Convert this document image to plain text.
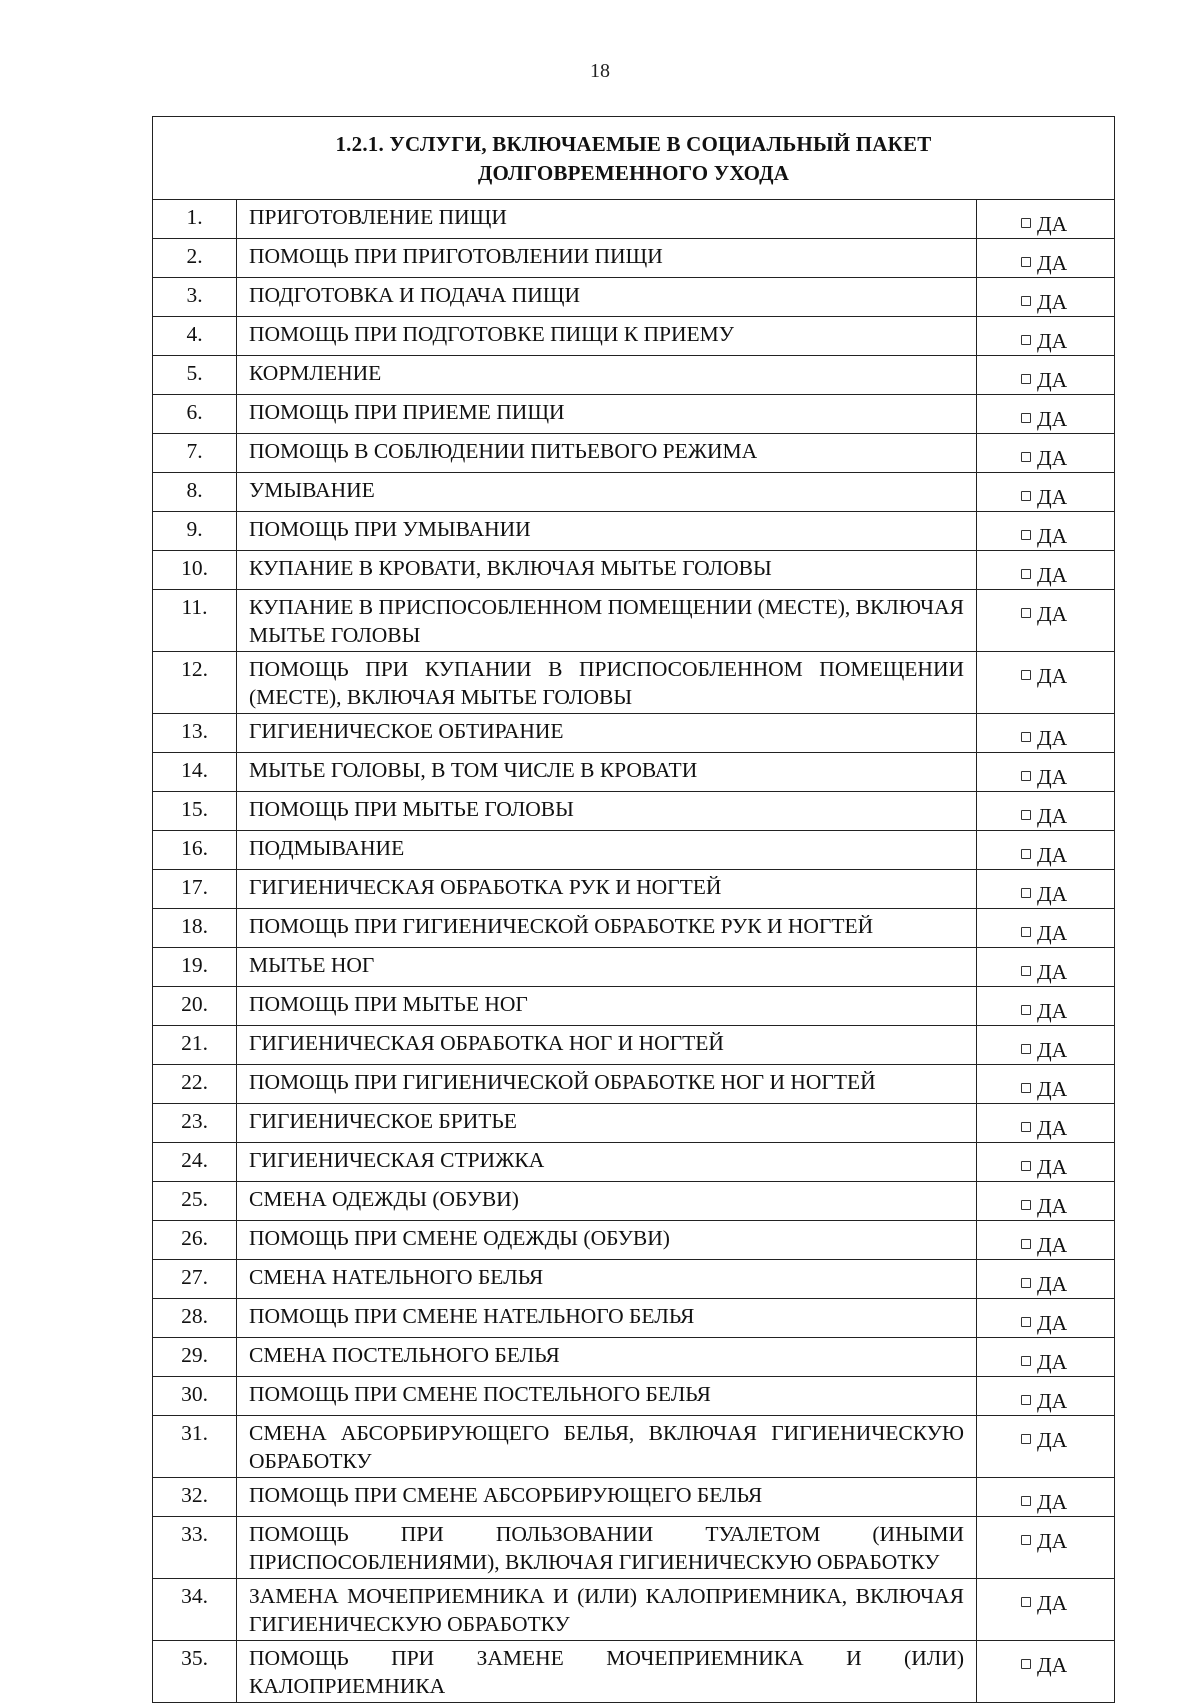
18
1.2.1. УСЛУГИ, ВКЛЮЧАЕМЫЕ В СОЦИАЛЬНЫЙ ПАКЕТ
ДОЛГОВРЕМЕННОГО УХОДА		

1.	ПРИГОТОВЛЕНИЕ ПИЩИ	ДА
2.	ПОМОЩЬ ПРИ ПРИГОТОВЛЕНИИ ПИЩИ	ДА
3.	ПОДГОТОВКА И ПОДАЧА ПИЩИ	ДА
4.	ПОМОЩЬ ПРИ ПОДГОТОВКЕ ПИЩИ К ПРИЕМУ	ДА
5.	КОРМЛЕНИЕ	ДА
6.	ПОМОЩЬ ПРИ ПРИЕМЕ ПИЩИ	ДА
7.	ПОМОЩЬ В СОБЛЮДЕНИИ ПИТЬЕВОГО РЕЖИМА	ДА
8.	УМЫВАНИЕ	ДА
9.	ПОМОЩЬ ПРИ УМЫВАНИИ	ДА
10.	КУПАНИЕ В КРОВАТИ, ВКЛЮЧАЯ МЫТЬЕ ГОЛОВЫ	ДА
11.	КУПАНИЕ В ПРИСПОСОБЛЕННОМ ПОМЕЩЕНИИ (МЕСТЕ), ВКЛЮЧАЯ МЫТЬЕ ГОЛОВЫ	ДА
12.	ПОМОЩЬ ПРИ КУПАНИИ В ПРИСПОСОБЛЕННОМ ПОМЕЩЕНИИ (МЕСТЕ), ВКЛЮЧАЯ МЫТЬЕ ГОЛОВЫ	ДА
13.	ГИГИЕНИЧЕСКОЕ ОБТИРАНИЕ	ДА
14.	МЫТЬЕ ГОЛОВЫ, В ТОМ ЧИСЛЕ В КРОВАТИ	ДА
15.	ПОМОЩЬ ПРИ МЫТЬЕ ГОЛОВЫ	ДА
16.	ПОДМЫВАНИЕ	ДА
17.	ГИГИЕНИЧЕСКАЯ ОБРАБОТКА РУК И НОГТЕЙ	ДА
18.	ПОМОЩЬ ПРИ ГИГИЕНИЧЕСКОЙ ОБРАБОТКЕ РУК И НОГТЕЙ	ДА
19.	МЫТЬЕ НОГ	ДА
20.	ПОМОЩЬ ПРИ МЫТЬЕ НОГ	ДА
21.	ГИГИЕНИЧЕСКАЯ ОБРАБОТКА НОГ И НОГТЕЙ	ДА
22.	ПОМОЩЬ ПРИ ГИГИЕНИЧЕСКОЙ ОБРАБОТКЕ НОГ И НОГТЕЙ	ДА
23.	ГИГИЕНИЧЕСКОЕ БРИТЬЕ	ДА
24.	ГИГИЕНИЧЕСКАЯ СТРИЖКА	ДА
25.	СМЕНА ОДЕЖДЫ (ОБУВИ)	ДА
26.	ПОМОЩЬ ПРИ СМЕНЕ ОДЕЖДЫ (ОБУВИ)	ДА
27.	СМЕНА НАТЕЛЬНОГО БЕЛЬЯ	ДА
28.	ПОМОЩЬ ПРИ СМЕНЕ НАТЕЛЬНОГО БЕЛЬЯ	ДА
29.	СМЕНА ПОСТЕЛЬНОГО БЕЛЬЯ	ДА
30.	ПОМОЩЬ ПРИ СМЕНЕ ПОСТЕЛЬНОГО БЕЛЬЯ	ДА
31.	СМЕНА АБСОРБИРУЮЩЕГО БЕЛЬЯ, ВКЛЮЧАЯ ГИГИЕНИЧЕСКУЮ ОБРАБОТКУ	ДА
32.	ПОМОЩЬ ПРИ СМЕНЕ АБСОРБИРУЮЩЕГО БЕЛЬЯ	ДА
33.	ПОМОЩЬ ПРИ ПОЛЬЗОВАНИИ ТУАЛЕТОМ (ИНЫМИ ПРИСПОСОБЛЕНИЯМИ), ВКЛЮЧАЯ ГИГИЕНИЧЕСКУЮ ОБРАБОТКУ	ДА
34.	ЗАМЕНА МОЧЕПРИЕМНИКА И (ИЛИ) КАЛОПРИЕМНИКА, ВКЛЮЧАЯ ГИГИЕНИЧЕСКУЮ ОБРАБОТКУ	ДА
35.	ПОМОЩЬ ПРИ ЗАМЕНЕ МОЧЕПРИЕМНИКА И (ИЛИ) КАЛОПРИЕМНИКА	ДА
